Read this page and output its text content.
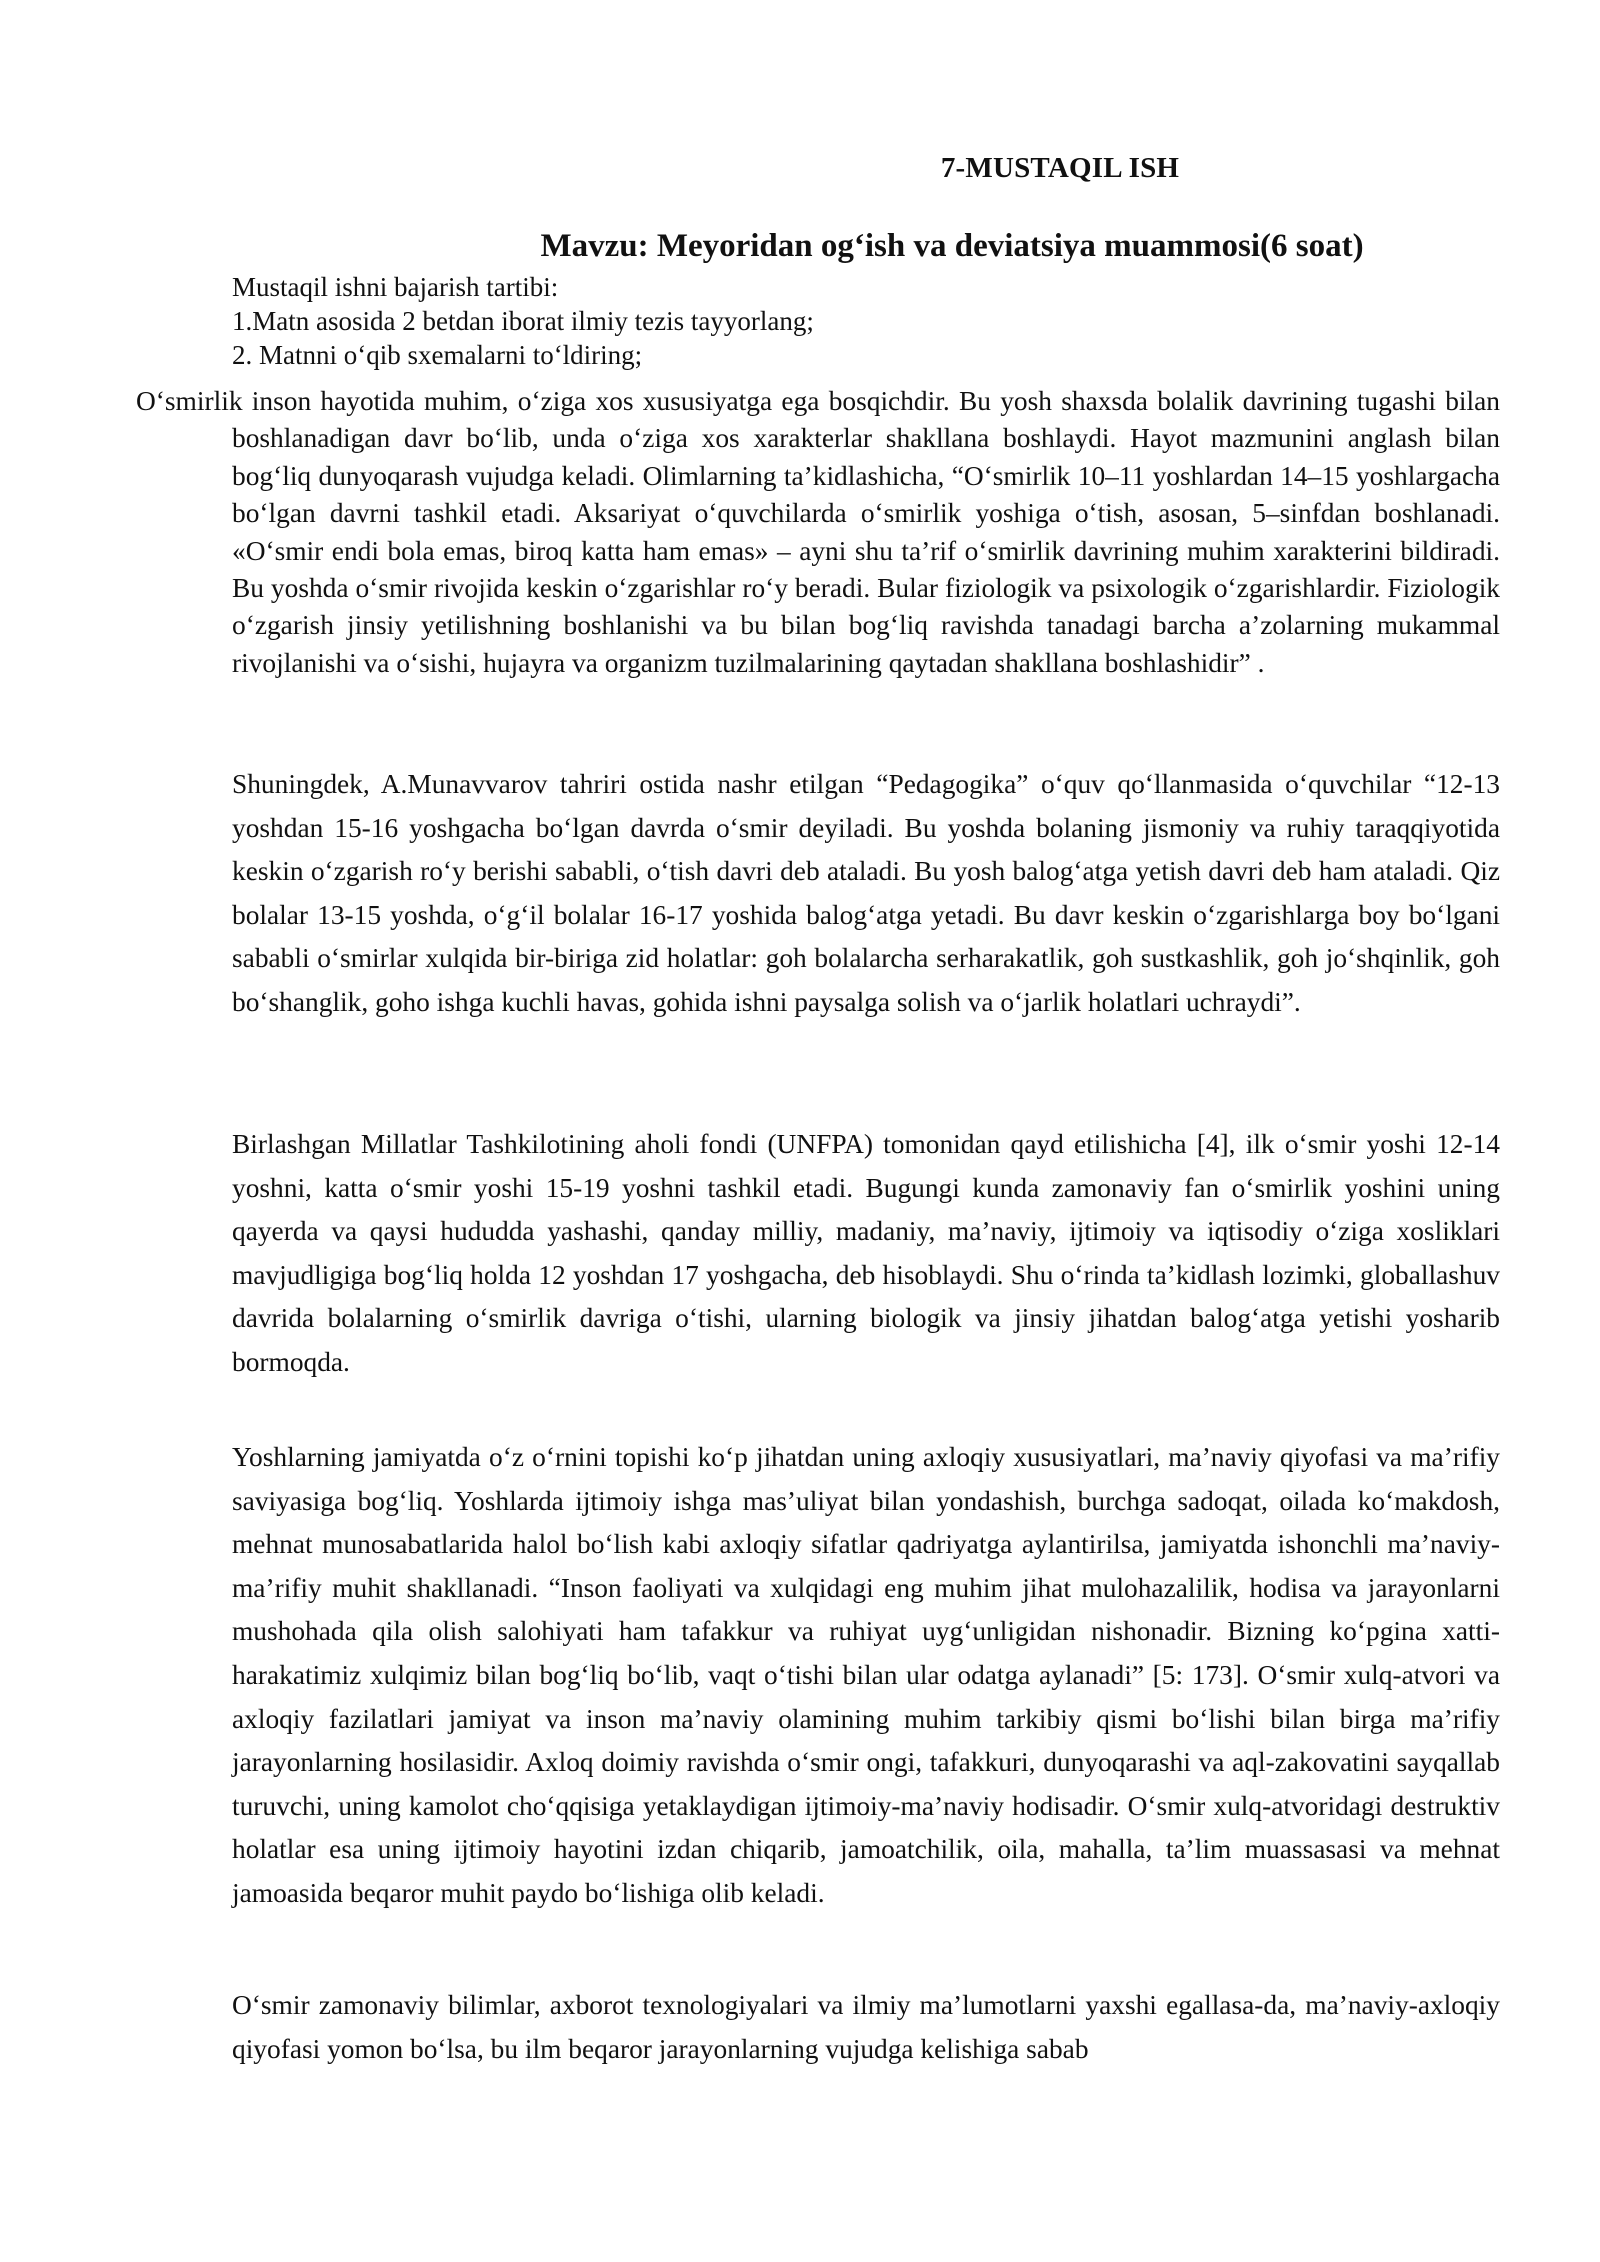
7-MUSTAQIL ISH
Mavzu: Meyoridan og‘ish va deviatsiya muammosi(6 soat)
Mustaqil ishni bajarish tartibi:
1.Matn asosida 2 betdan iborat ilmiy tezis tayyorlang;
2. Matnni o‘qib sxemalarni to‘ldiring;

O‘smirlik inson hayotida muhim, o‘ziga xos xususiyatga ega bosqichdir. Bu yosh shaxsda bolalik davrining tugashi bilan boshlanadigan davr bo‘lib, unda o‘ziga xos xarakterlar shakllana boshlaydi. Hayot mazmunini anglash bilan bog‘liq dunyoqarash vujudga keladi. Olimlarning ta’kidlashicha, “O‘smirlik 10–11 yoshlardan 14–15 yoshlargacha bo‘lgan davrni tashkil etadi. Aksariyat o‘quvchilarda o‘smirlik yoshiga o‘tish, asosan, 5–sinfdan boshlanadi. «O‘smir endi bola emas, biroq katta ham emas» – ayni shu ta’rif o‘smirlik davrining muhim xarakterini bildiradi. Bu yoshda o‘smir rivojida keskin o‘zgarishlar ro‘y beradi. Bular fiziologik va psixologik o‘zgarishlardir. Fiziologik o‘zgarish jinsiy yetilishning boshlanishi va bu bilan bog‘liq ravishda tanadagi barcha a’zolarning mukammal rivojlanishi va o‘sishi, hujayra va organizm tuzilmalarining qaytadan shakllana boshlashidir” .

Shuningdek, A.Munavvarov tahriri ostida nashr etilgan “Pedagogika” o‘quv qo‘llanmasida o‘quvchilar “12-13 yoshdan 15-16 yoshgacha bo‘lgan davrda o‘smir deyiladi. Bu yoshda bolaning jismoniy va ruhiy taraqqiyotida keskin o‘zgarish ro‘y berishi sababli, o‘tish davri deb ataladi. Bu yosh balog‘atga yetish davri deb ham ataladi. Qiz bolalar 13-15 yoshda, o‘g‘il bolalar 16-17 yoshida balog‘atga yetadi. Bu davr keskin o‘zgarishlarga boy bo‘lgani sababli o‘smirlar xulqida bir-biriga zid holatlar: goh bolalarcha serharakatlik, goh sustkashlik, goh jo‘shqinlik, goh bo‘shanglik, goho ishga kuchli havas, gohida ishni paysalga solish va o‘jarlik holatlari uchraydi”.

Birlashgan Millatlar Tashkilotining aholi fondi (UNFPA) tomonidan qayd etilishicha [4], ilk o‘smir yoshi 12-14 yoshni, katta o‘smir yoshi 15-19 yoshni tashkil etadi. Bugungi kunda zamonaviy fan o‘smirlik yoshini uning qayerda va qaysi hududda yashashi, qanday milliy, madaniy, ma’naviy, ijtimoiy va iqtisodiy o‘ziga xosliklari mavjudligiga bog‘liq holda 12 yoshdan 17 yoshgacha, deb hisoblaydi. Shu o‘rinda ta’kidlash lozimki, globallashuv davrida bolalarning o‘smirlik davriga o‘tishi, ularning biologik va jinsiy jihatdan balog‘atga yetishi yosharib bormoqda.

Yoshlarning jamiyatda o‘z o‘rnini topishi ko‘p jihatdan uning axloqiy xususiyatlari, ma’naviy qiyofasi va ma’rifiy saviyasiga bog‘liq. Yoshlarda ijtimoiy ishga mas’uliyat bilan yondashish, burchga sadoqat, oilada ko‘makdosh, mehnat munosabatlarida halol bo‘lish kabi axloqiy sifatlar qadriyatga aylantirilsa, jamiyatda ishonchli ma’naviy-ma’rifiy muhit shakllanadi. “Inson faoliyati va xulqidagi eng muhim jihat mulohazalilik, hodisa va jarayonlarni mushohada qila olish salohiyati ham tafakkur va ruhiyat uyg‘unligidan nishonadir. Bizning ko‘pgina xatti-harakatimiz xulqimiz bilan bog‘liq bo‘lib, vaqt o‘tishi bilan ular odatga aylanadi” [5: 173]. O‘smir xulq-atvori va axloqiy fazilatlari jamiyat va inson ma’naviy olamining muhim tarkibiy qismi bo‘lishi bilan birga ma’rifiy jarayonlarning hosilasidir. Axloq doimiy ravishda o‘smir ongi, tafakkuri, dunyoqarashi va aql-zakovatini sayqallab turuvchi, uning kamolot cho‘qqisiga yetaklaydigan ijtimoiy-ma’naviy hodisadir. O‘smir xulq-atvoridagi destruktiv holatlar esa uning ijtimoiy hayotini izdan chiqarib, jamoatchilik, oila, mahalla, ta’lim muassasasi va mehnat jamoasida beqaror muhit paydo bo‘lishiga olib keladi.

O‘smir zamonaviy bilimlar, axborot texnologiyalari va ilmiy ma’lumotlarni yaxshi egallasa-da, ma’naviy-axloqiy qiyofasi yomon bo‘lsa, bu ilm beqaror jarayonlarning vujudga kelishiga sabab
